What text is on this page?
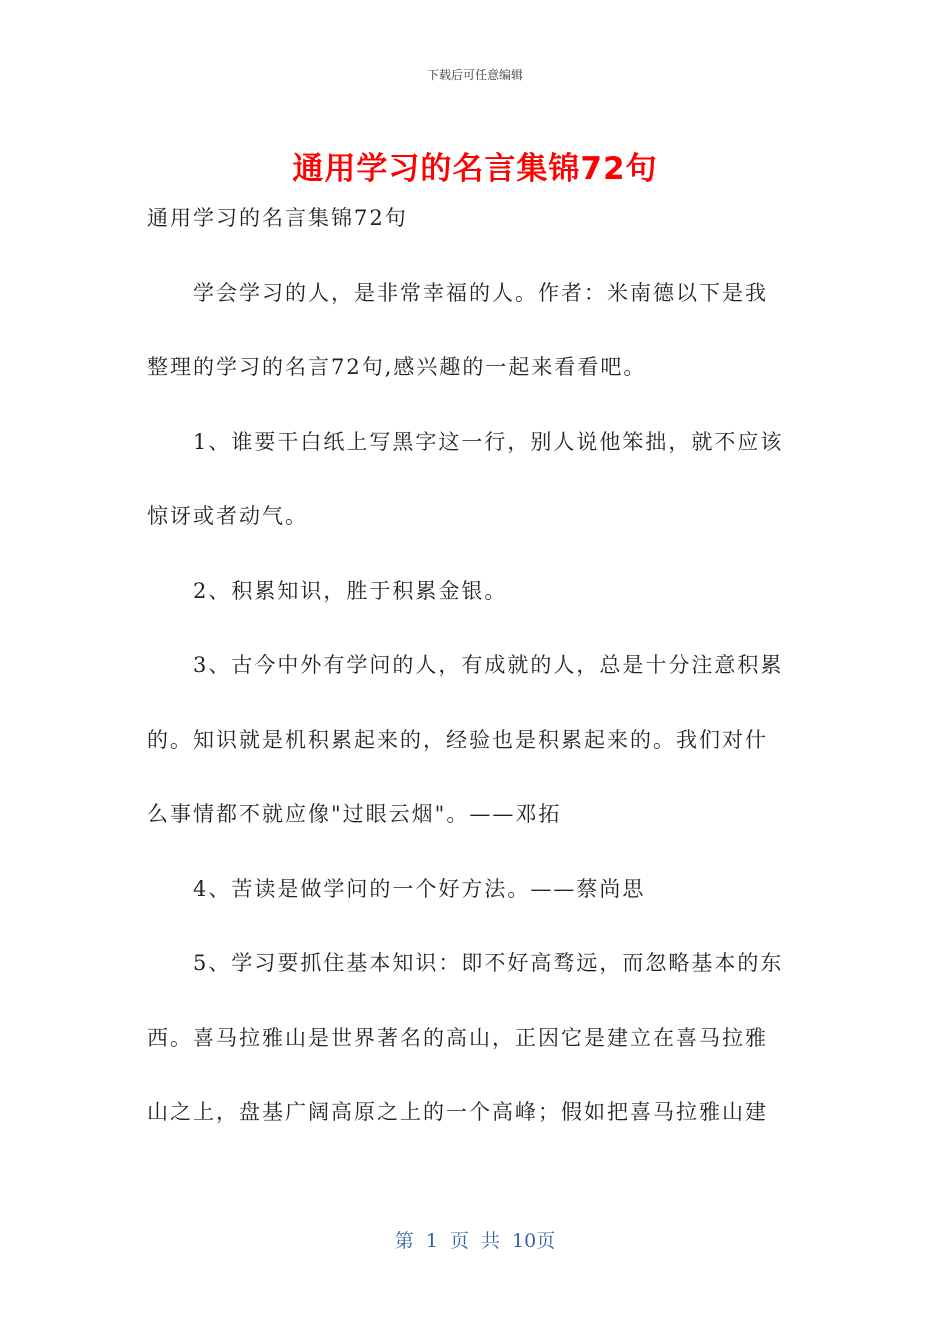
下载后可任意编辑
通用学习的名言集锦72句
通用学习的名言集锦72句
学会学习的人，是非常幸福的人。作者：米南德以下是我
整理的学习的名言72句,感兴趣的一起来看看吧。
1、谁要干白纸上写黑字这一行，别人说他笨拙，就不应该
惊讶或者动气。
2、积累知识，胜于积累金银。
3、古今中外有学问的人，有成就的人，总是十分注意积累
的。知识就是机积累起来的，经验也是积累起来的。我们对什
么事情都不就应像"过眼云烟"。——邓拓
4、苦读是做学问的一个好方法。——蔡尚思
5、学习要抓住基本知识：即不好高骛远，而忽略基本的东
西。喜马拉雅山是世界著名的高山，正因它是建立在喜马拉雅
山之上，盘基广阔高原之上的一个高峰；假如把喜马拉雅山建
第 1 页 共 10页
